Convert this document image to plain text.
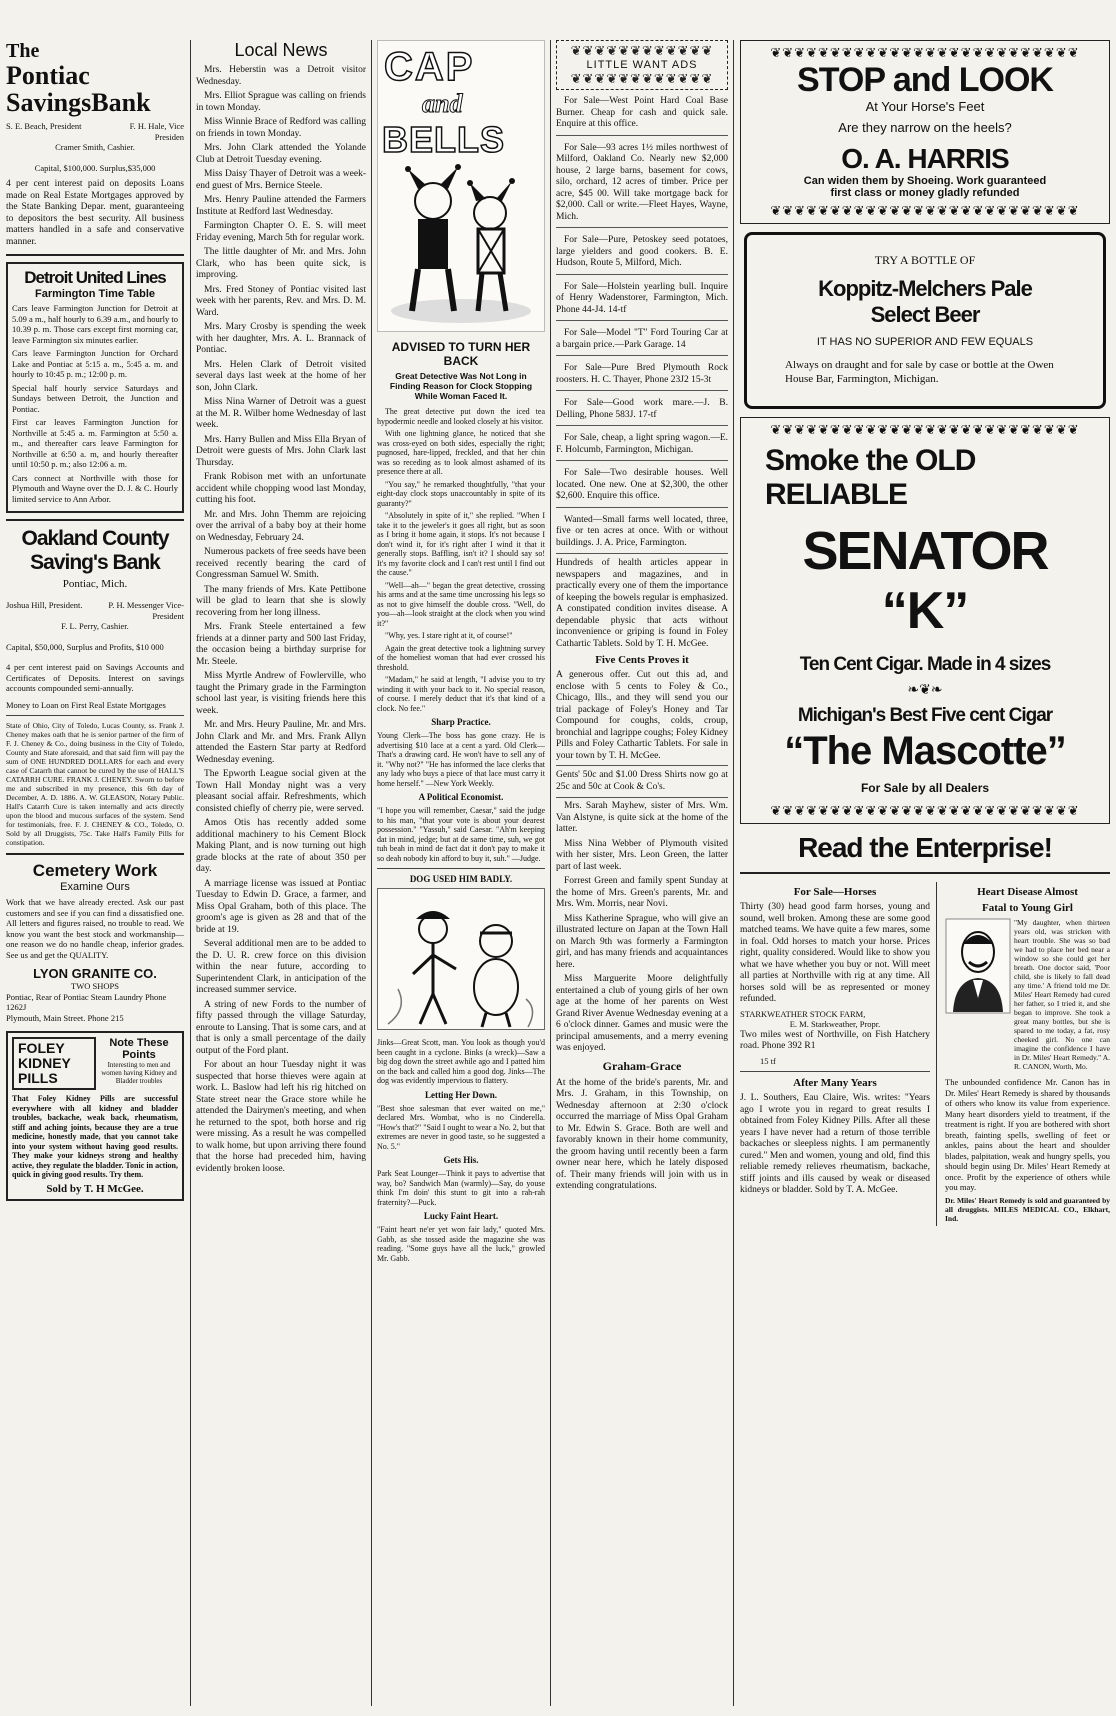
The
Pontiac
SavingsBank
S. E. Beach, President	F. H. Hale, Vice Presiden
Cramer Smith, Cashier.
Capital, $100,000. Surplus,$35,000

4 per cent interest paid on deposits Loans made on Real Estate Mortgages approved by the State Banking Depar. ment, guaranteeing to depositors the best security. All business matters handled in a safe and conservative manner.

Detroit United Lines
Farmington Time Table

Cars leave Farmington Junction for Detroit at 5.09 a m., half hourly to 6.39 a.m., and hourly to 10.39 p. m. Those cars except first morning car, leave Farmington six minutes earlier.

Cars leave Farmington Junction for Orchard Lake and Pontiac at 5:15 a. m., 5:45 a. m. and hourly to 10:45 p. m.; 12:00 p. m.

Special half hourly service Saturdays and Sundays between Detroit, the Junction and Pontiac.

First car leaves Farmington Junction for Northville at 5:45 a. m. Farmington at 5:50 a. m., and thereafter cars leave Farmington for Northville at 6:50 a. m, and hourly thereafter until 10:50 p. m.; also 12:06 a. m.

Cars connect at Northville with those for Plymouth and Wayne over the D. J. & C. Hourly limited service to Ann Arbor.

Oakland County
Saving's Bank
Pontiac, Mich.
Joshua Hill, President.	P. H. Messenger Vice-President
F. L. Perry, Cashier.
Capital, $50,000, Surplus and Profits, $10 000

4 per cent interest paid on Savings Accounts and Certificates of Deposits. Interest on savings accounts compounded semi-annually.

Money to Loan on First Real Estate Mortgages

State of Ohio, City of Toledo, Lucas County, ss. Frank J. Cheney makes oath that he is senior partner of the firm of F. J. Cheney & Co., doing business in the City of Toledo, County and State aforesaid, and that said firm will pay the sum of ONE HUNDRED DOLLARS for each and every case of Catarrh that cannot be cured by the use of HALL'S CATARRH CURE. FRANK J. CHENEY. Sworn to before me and subscribed in my presence, this 6th day of December, A. D. 1886. A. W. GLEASON, Notary Public. Hall's Catarrh Cure is taken internally and acts directly upon the blood and mucous surfaces of the system. Send for testimonials, free. F. J. CHENEY & CO., Toledo, O. Sold by all Druggists, 75c. Take Hall's Family Pills for constipation.

Cemetery Work
Examine Ours

Work that we have already erected. Ask our past customers and see if you can find a dissatisfied one. All letters and figures raised, no trouble to read. We know you want the best stock and workmanship—one reason we do no handle cheap, inferior grades. See us and get the QUALITY.

LYON GRANITE CO.
TWO SHOPS
Pontiac, Rear of Pontiac Steam Laundry Phone 1262J
Plymouth, Main Street. Phone 215
FOLEY
KIDNEY
PILLS
Note These Points
Interesting to men and women having Kidney and Bladder troubles

That Foley Kidney Pills are successful everywhere with all kidney and bladder troubles, backache, weak back, rheumatism, stiff and aching joints, because they are a true medicine, honestly made, that you cannot take into your system without having good results. They make your kidneys strong and healthy active, they regulate the bladder. Tonic in action, quick in giving good results. Try them.

Sold by T. H McGee.
Local News

Mrs. Heberstin was a Detroit visitor Wednesday.

Mrs. Elliot Sprague was calling on friends in town Monday.

Miss Winnie Brace of Redford was calling on friends in town Monday.

Mrs. John Clark attended the Yolande Club at Detroit Tuesday evening.

Miss Daisy Thayer of Detroit was a week-end guest of Mrs. Bernice Steele.

Mrs. Henry Pauline attended the Farmers Institute at Redford last Wednesday.

Farmington Chapter O. E. S. will meet Friday evening, March 5th for regular work.

The little daughter of Mr. and Mrs. John Clark, who has been quite sick, is improving.

Mrs. Fred Stoney of Pontiac visited last week with her parents, Rev. and Mrs. D. M. Ward.

Mrs. Mary Crosby is spending the week with her daughter, Mrs. A. L. Brannack of Pontiac.

Mrs. Helen Clark of Detroit visited several days last week at the home of her son, John Clark.

Miss Nina Warner of Detroit was a guest at the M. R. Wilber home Wednesday of last week.

Mrs. Harry Bullen and Miss Ella Bryan of Detroit were guests of Mrs. John Clark last Thursday.

Frank Robison met with an unfortunate accident while chopping wood last Monday, cutting his foot.

Mr. and Mrs. John Themm are rejoicing over the arrival of a baby boy at their home on Wednesday, February 24.

Numerous packets of free seeds have been received recently bearing the card of Congressman Samuel W. Smith.

The many friends of Mrs. Kate Pettibone will be glad to learn that she is slowly recovering from her long illness.

Mrs. Frank Steele entertained a few friends at a dinner party and 500 last Friday, the occasion being a birthday surprise for Mr. Steele.

Miss Myrtle Andrew of Fowlerville, who taught the Primary grade in the Farmington school last year, is visiting friends here this week.

Mr. and Mrs. Heury Pauline, Mr. and Mrs. John Clark and Mr. and Mrs. Frank Allyn attended the Eastern Star party at Redford Wednesday evening.

The Epworth League social given at the Town Hall Monday night was a very pleasant social affair. Refreshments, which consisted chiefly of cherry pie, were served.

Amos Otis has recently added some additional machinery to his Cement Block Making Plant, and is now turning out high grade blocks at the rate of about 350 per day.

A marriage license was issued at Pontiac Tuesday to Edwin D. Grace, a farmer, and Miss Opal Graham, both of this place. The groom's age is given as 28 and that of the bride at 19.

Several additional men are to be added to the D. U. R. crew force on this division within the near future, according to Superintendent Clark, in anticipation of the increased summer service.

A string of new Fords to the number of fifty passed through the village Saturday, enroute to Lansing. That is some cars, and at that is only a small percentage of the daily output of the Ford plant.

For about an hour Tuesday night it was suspected that horse thieves were again at work. L. Baslow had left his rig hitched on State street near the Grace store while he attended the Dairymen's meeting, and when he returned to the spot, both horse and rig were missing. As a result he was compelled to walk home, but upon arriving there found that the horse had preceded him, having evidently broken loose.

CAP
and
BELLS
ADVISED TO TURN HER BACK
Great Detective Was Not Long in Finding Reason for Clock Stopping While Woman Faced It.

The great detective put down the iced tea hypodermic needle and looked closely at his visitor.

With one lightning glance, he noticed that she was cross-eyed on both sides, especially the right; pugnosed, hare-lipped, freckled, and that her chin was so receding as to look almost ashamed of its presence there at all.

"You say," he remarked thoughtfully, "that your eight-day clock stops unaccountably in spite of its guaranty?"

"Absolutely in spite of it," she replied. "When I take it to the jeweler's it goes all right, but as soon as I bring it home again, it stops. It's not because I don't wind it, for it's right after I wind it that it generally stops. Baffling, isn't it? I should say so! It's my favorite clock and I can't rest until I find out the cause."

"Well—ah—" began the great detective, crossing his arms and at the same time uncrossing his legs so as not to give himself the double cross. "Well, do you—ah—look straight at the clock when you wind it?"

"Why, yes. I stare right at it, of course!"

Again the great detective took a lightning survey of the homeliest woman that had ever crossed his threshold.

"Madam," he said at length, "I advise you to try winding it with your back to it. No special reason, of course. I merely deduct that it's that kind of a clock. No fee."

Sharp Practice.

Young Clerk—The boss has gone crazy. He is advertising $10 lace at a cent a yard. Old Clerk—That's a drawing card. He won't have to sell any of it. "Why not?" "He has informed the lace clerks that any lady who buys a piece of that lace must carry it home herself." —New York Weekly.

A Political Economist.

"I hope you will remember, Caesar," said the judge to his man, "that your vote is about your dearest possession." "Yassuh," said Caesar. "Ah'm keeping dat in mind, jedge; but at de same time, suh, we got tuh beah in mind de fact dat it don't pay to make it so deah nobody kin afford to buy it, suh." —Judge.

DOG USED HIM BADLY.

Jinks—Great Scott, man. You look as though you'd been caught in a cyclone. Binks (a wreck)—Saw a big dog down the street awhile ago and I patted him on the back and called him a good dog. Jinks—The dog was evidently impervious to flattery.

Letting Her Down.

"Best shoe salesman that ever waited on me," declared Mrs. Wombat, who is no Cinderella. "How's that?" "Said I ought to wear a No. 2, but that extremes are never in good taste, so he suggested a No. 5."

Gets His.

Park Seat Lounger—Think it pays to advertise that way, bo? Sandwich Man (warmly)—Say, do youse think I'm doin' this stunt to git into a rah-rah fraternity?—Puck.

Lucky Faint Heart.

"Faint heart ne'er yet won fair lady," quoted Mrs. Gabb, as she tossed aside the magazine she was reading. "Some guys have all the luck," growled Mr. Gabb.

❦❦❦❦❦❦❦❦❦❦❦❦
LITTLE WANT ADS
❦❦❦❦❦❦❦❦❦❦❦❦

For Sale—West Point Hard Coal Base Burner. Cheap for cash and quick sale. Enquire at this office.

For Sale—93 acres 1½ miles northwest of Milford, Oakland Co. Nearly new $2,000 house, 2 large barns, basement for cows, silo, orchard, 12 acres of timber. Price per acre, $45 00. Will take mortgage back for $2,000. Call or write.—Fleet Hayes, Wayne, Mich.

For Sale—Pure, Petoskey seed potatoes, large yielders and good cookers. B. E. Hudson, Route 5, Milford, Mich.

For Sale—Holstein yearling bull. Inquire of Henry Wadenstorer, Farmington, Mich. Phone 44-J4. 14-tf

For Sale—Model "T" Ford Touring Car at a bargain price.—Park Garage. 14

For Sale—Pure Bred Plymouth Rock roosters. H. C. Thayer, Phone 23J2 15-3t

For Sale—Good work mare.—J. B. Delling, Phone 583J. 17-tf

For Sale, cheap, a light spring wagon.—E. F. Holcumb, Farmington, Michigan.

For Sale—Two desirable houses. Well located. One new. One at $2,300, the other $2,600. Enquire this office.

Wanted—Small farms well located, three, five or ten acres at once. With or without buildings. J. A. Price, Farmington.

Hundreds of health articles appear in newspapers and magazines, and in practically every one of them the importance of keeping the bowels regular is emphasized. A constipated condition invites disease. A dependable physic that acts without inconvenience or griping is found in Foley Cathartic Tablets. Sold by T. H. McGee.

Five Cents Proves it

A generous offer. Cut out this ad, and enclose with 5 cents to Foley & Co., Chicago, Ills., and they will send you our trial package of Foley's Honey and Tar Compound for coughs, colds, croup, bronchial and lagrippe coughs; Foley Kidney Pills and Foley Cathartic Tablets. For sale in your town by T. H. McGee.

Gents' 50c and $1.00 Dress Shirts now go at 25c and 50c at Cook & Co's.

Mrs. Sarah Mayhew, sister of Mrs. Wm. Van Alstyne, is quite sick at the home of the latter.

Miss Nina Webber of Plymouth visited with her sister, Mrs. Leon Green, the latter part of last week.

Forrest Green and family spent Sunday at the home of Mrs. Green's parents, Mr. and Mrs. Wm. Morris, near Novi.

Miss Katherine Sprague, who will give an illustrated lecture on Japan at the Town Hall on March 9th was formerly a Farmington girl, and has many friends and acquaintances here.

Miss Marguerite Moore delightfully entertained a club of young girls of her own age at the home of her parents on West Grand River Avenue Wednesday evening at a 6 o'clock dinner. Games and music were the principal amusements, and a merry evening was enjoyed.

Graham-Grace

At the home of the bride's parents, Mr. and Mrs. J. Graham, in this Township, on Wednesday afternoon at 2:30 o'clock occurred the marriage of Miss Opal Graham to Mr. Edwin S. Grace. Both are well and favorably known in their home community, the groom having until recently been a farm owner near here, which he lately disposed of. Their many friends will join with us in extending congratulations.

❦❦❦❦❦❦❦❦❦❦❦❦❦❦❦❦❦❦❦❦❦❦❦❦❦❦
STOP and LOOK
At Your Horse's Feet
Are they narrow on the heels?
O. A. HARRIS
Can widen them by Shoeing. Work guaranteed
first class or money gladly refunded
❦❦❦❦❦❦❦❦❦❦❦❦❦❦❦❦❦❦❦❦❦❦❦❦❦❦
TRY A BOTTLE OF
Koppitz-Melchers Pale
Select Beer
IT HAS NO SUPERIOR AND FEW EQUALS

Always on draught and for sale by case or bottle at the Owen House Bar, Farmington, Michigan.

❦❦❦❦❦❦❦❦❦❦❦❦❦❦❦❦❦❦❦❦❦❦❦❦❦❦
Smoke the OLD
RELIABLE
SENATOR
“K”
Ten Cent Cigar. Made in 4 sizes
❧❦❧
Michigan's Best Five cent Cigar
“The Mascotte”
For Sale by all Dealers
❦❦❦❦❦❦❦❦❦❦❦❦❦❦❦❦❦❦❦❦❦❦❦❦❦❦
Read the Enterprise!
For Sale—Horses

Thirty (30) head good farm horses, young and sound, well broken. Among these are some good matched teams. We have quite a few mares, some in foal. Odd horses to match your horse. Prices right, quality considered. Would like to show you what we have whether you buy or not. Will meet all parties at Northville with rig at any time. All horses sold will be as represented or money refunded.

STARKWEATHER STOCK FARM,
E. M. Starkweather, Propr.

Two miles west of Northville, on Fish Hatchery road. Phone 392 R1

15 tf
After Many Years

J. L. Southers, Eau Claire, Wis. writes: "Years ago I wrote you in regard to great results I obtained from Foley Kidney Pills. After all these years I have never had a return of those terrible backaches or sleepless nights. I am permanently cured." Men and women, young and old, find this reliable remedy relieves rheumatism, backache, stiff joints and ills caused by weak or diseased kidneys or bladder. Sold by T. A. McGee.

Heart Disease Almost
Fatal to Young Girl

"My daughter, when thirteen years old, was stricken with heart trouble. She was so bad we had to place her bed near a window so she could get her breath. One doctor said, 'Poor child, she is likely to fall dead any time.' A friend told me Dr. Miles' Heart Remedy had cured her father, so I tried it, and she began to improve. She took a great many bottles, but she is spared to me today, a fat, rosy cheeked girl. No one can imagine the confidence I have in Dr. Miles' Heart Remedy." A. R. CANON, Worth, Mo.

The unbounded confidence Mr. Canon has in Dr. Miles' Heart Remedy is shared by thousands of others who know its value from experience. Many heart disorders yield to treatment, if the treatment is right. If you are bothered with short breath, fainting spells, swelling of feet or ankles, pains about the heart and shoulder blades, palpitation, weak and hungry spells, you should begin using Dr. Miles' Heart Remedy at once. Profit by the experience of others while you may.

Dr. Miles' Heart Remedy is sold and guaranteed by all druggists. MILES MEDICAL CO., Elkhart, Ind.
